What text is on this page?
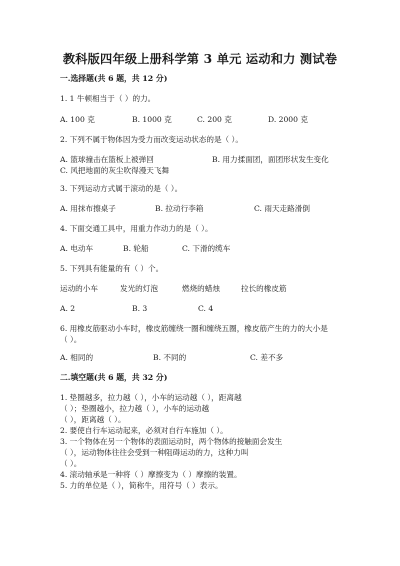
教科版四年级上册科学第 3 单元 运动和力 测试卷
一.选择题(共 6 题，共 12 分)
1. 1 牛顿相当于（ ）的力。
A. 100 克	B. 1000 克	C. 200 克	D. 2000 克
2. 下列不属于物体因为受力而改变运动状态的是（ ）。
A. 篮球撞击在篮板上被弹回	B. 用力揉面团，面团形状发生变化
C. 风把地面的灰尘吹得漫天飞舞
3. 下列运动方式属于滚动的是（ ）。
A. 用抹布擦桌子	B. 拉动行李箱	C. 雨天走路滑倒
4. 下面交通工具中，用重力作动力的是（ ）。
A. 电动车	B. 轮船	C. 下滑的缆车
5. 下列具有能量的有（ ）个。
运动的小车	发光的灯泡	燃烧的蜡烛	拉长的橡皮筋
A. 2	B. 3	C. 4
6. 用橡皮筋驱动小车时，橡皮筋缠绕一圈和缠绕五圈，橡皮筋产生的力的大小是
（ ）。
A. 相同的	B. 不同的	C. 差不多
二.填空题(共 6 题，共 32 分)
1. 垫圈越多，拉力越（ ），小车的运动越（ ），距离越
（ ）；垫圈越小，拉力越（ ），小车的运动越
（ ），距离越（ ）。
2. 要使自行车运动起来，必须对自行车施加（ ）。
3. 一个物体在另一个物体的表面运动时，两个物体的接触面会发生
（ ），运动物体往往会受到一种阻碍运动的力，这种力叫
（ ）。
4. 滚动轴承是一种将（ ）摩擦变为（ ）摩擦的装置。
5. 力的单位是（ ），简称牛，用符号（ ）表示。
